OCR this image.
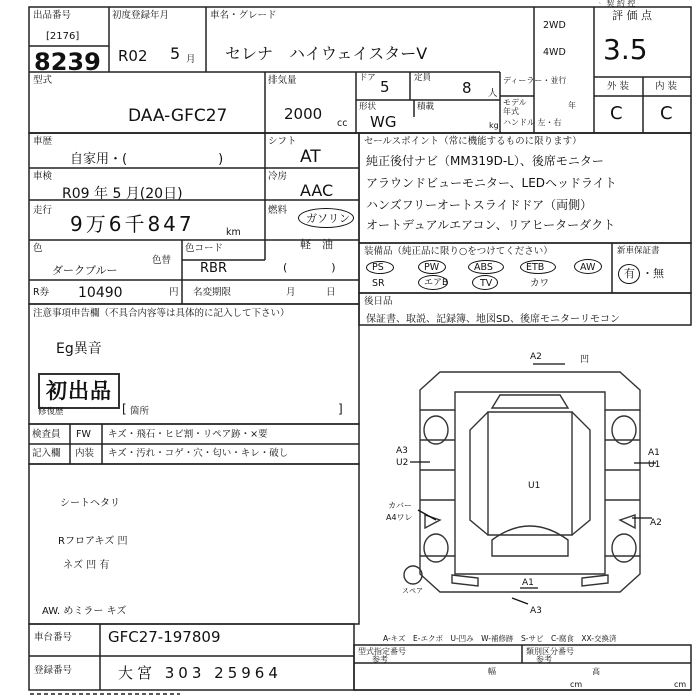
ᆞ 契 約 控
出品番号
[2176]
8239
初度登録年月
R02 5 月
車名・グレード
セレナ　ハイウェイスターV
2WD
4WD
評 価 点
3.5
外 装	内 装
C C
型式
DAA-GFC27
排気量
2000
cc
ドア 5	定員
8 人
形状
WG
積載
kg
ディーラー・並行
モデル年式
年
ハンドル 左・右
車歴
自家用・(　　　　　　　)
シフト
AT
車検
R09 年 5 月(20日)
冷房
AAC
走行
9万6千847	km
燃料
ガソリン
軽　油
(　　　　)
色
ダークブルー
色替
色コード
RBR
R券 10490	円 名変期限	月	日
セールスポイント（常に機能するものに限ります）
純正後付ナビ（MM319D-L）、後席モニター
アラウンドビューモニター、LEDヘッドライト
ハンズフリーオートスライドドア（両側）
オートデュアルエアコン、リアヒーターダクト
装備品（純正品に限り○をつけてください）	新車保証書
PS	PW	ABS	ETB	AW
SR	エアB	TV	カワ
有 ・無
後日品
保証書、取説、記録簿、地図SD、後席モニターリモコン
注意事項申告欄（不具合内容等は具体的に記入して下さい）
Eg異音
初出品
修復歴	[ 箇所	]
検査員
記入欄
FW キズ・飛石・ヒビ割・リペア跡・×要
内装 キズ・汚れ・コゲ・穴・匂い・キレ・破し
シートヘタリ
Rフロアキズ 凹
ネズ 凹 有
AW. めミラー キズ
A2	凹
A3
U2
A1
U1
U1
カバー
A4ワレ
A2
A1
スペア
A3
A-キズ　E-エクボ　U-凹み　W-補修跡　S-サビ　C-腐食　XX-交換済
車台番号 GFC27-197809
登録番号	大宮 303 25964
型式指定番号
参考
類別区分番号
参考
幅	高
cm	cm
